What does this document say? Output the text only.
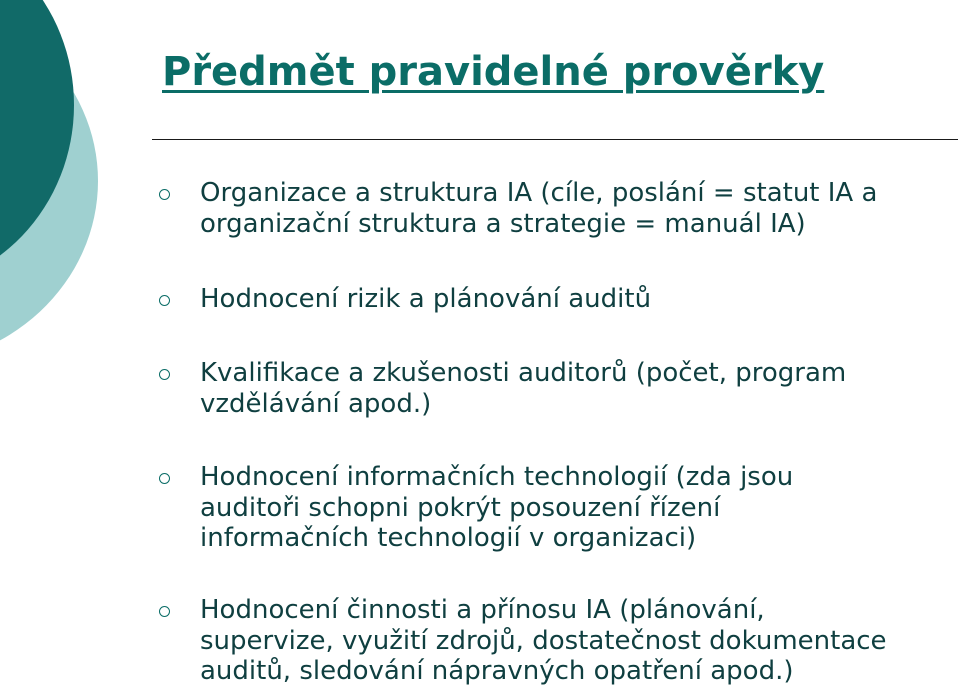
Předmět pravidelné prověrky

Organizace a struktura IA (cíle, poslání = statut IA a
organizační struktura a strategie = manuál IA)

Hodnocení rizik a plánování auditů

Kvalifikace a zkušenosti auditorů (počet, program
vzdělávání apod.)

Hodnocení informačních technologií (zda jsou
auditoři schopni pokrýt posouzení řízení
informačních technologií v organizaci)

Hodnocení činnosti a přínosu IA (plánování,
supervize, využití zdrojů, dostatečnost dokumentace
auditů, sledování nápravných opatření apod.)
